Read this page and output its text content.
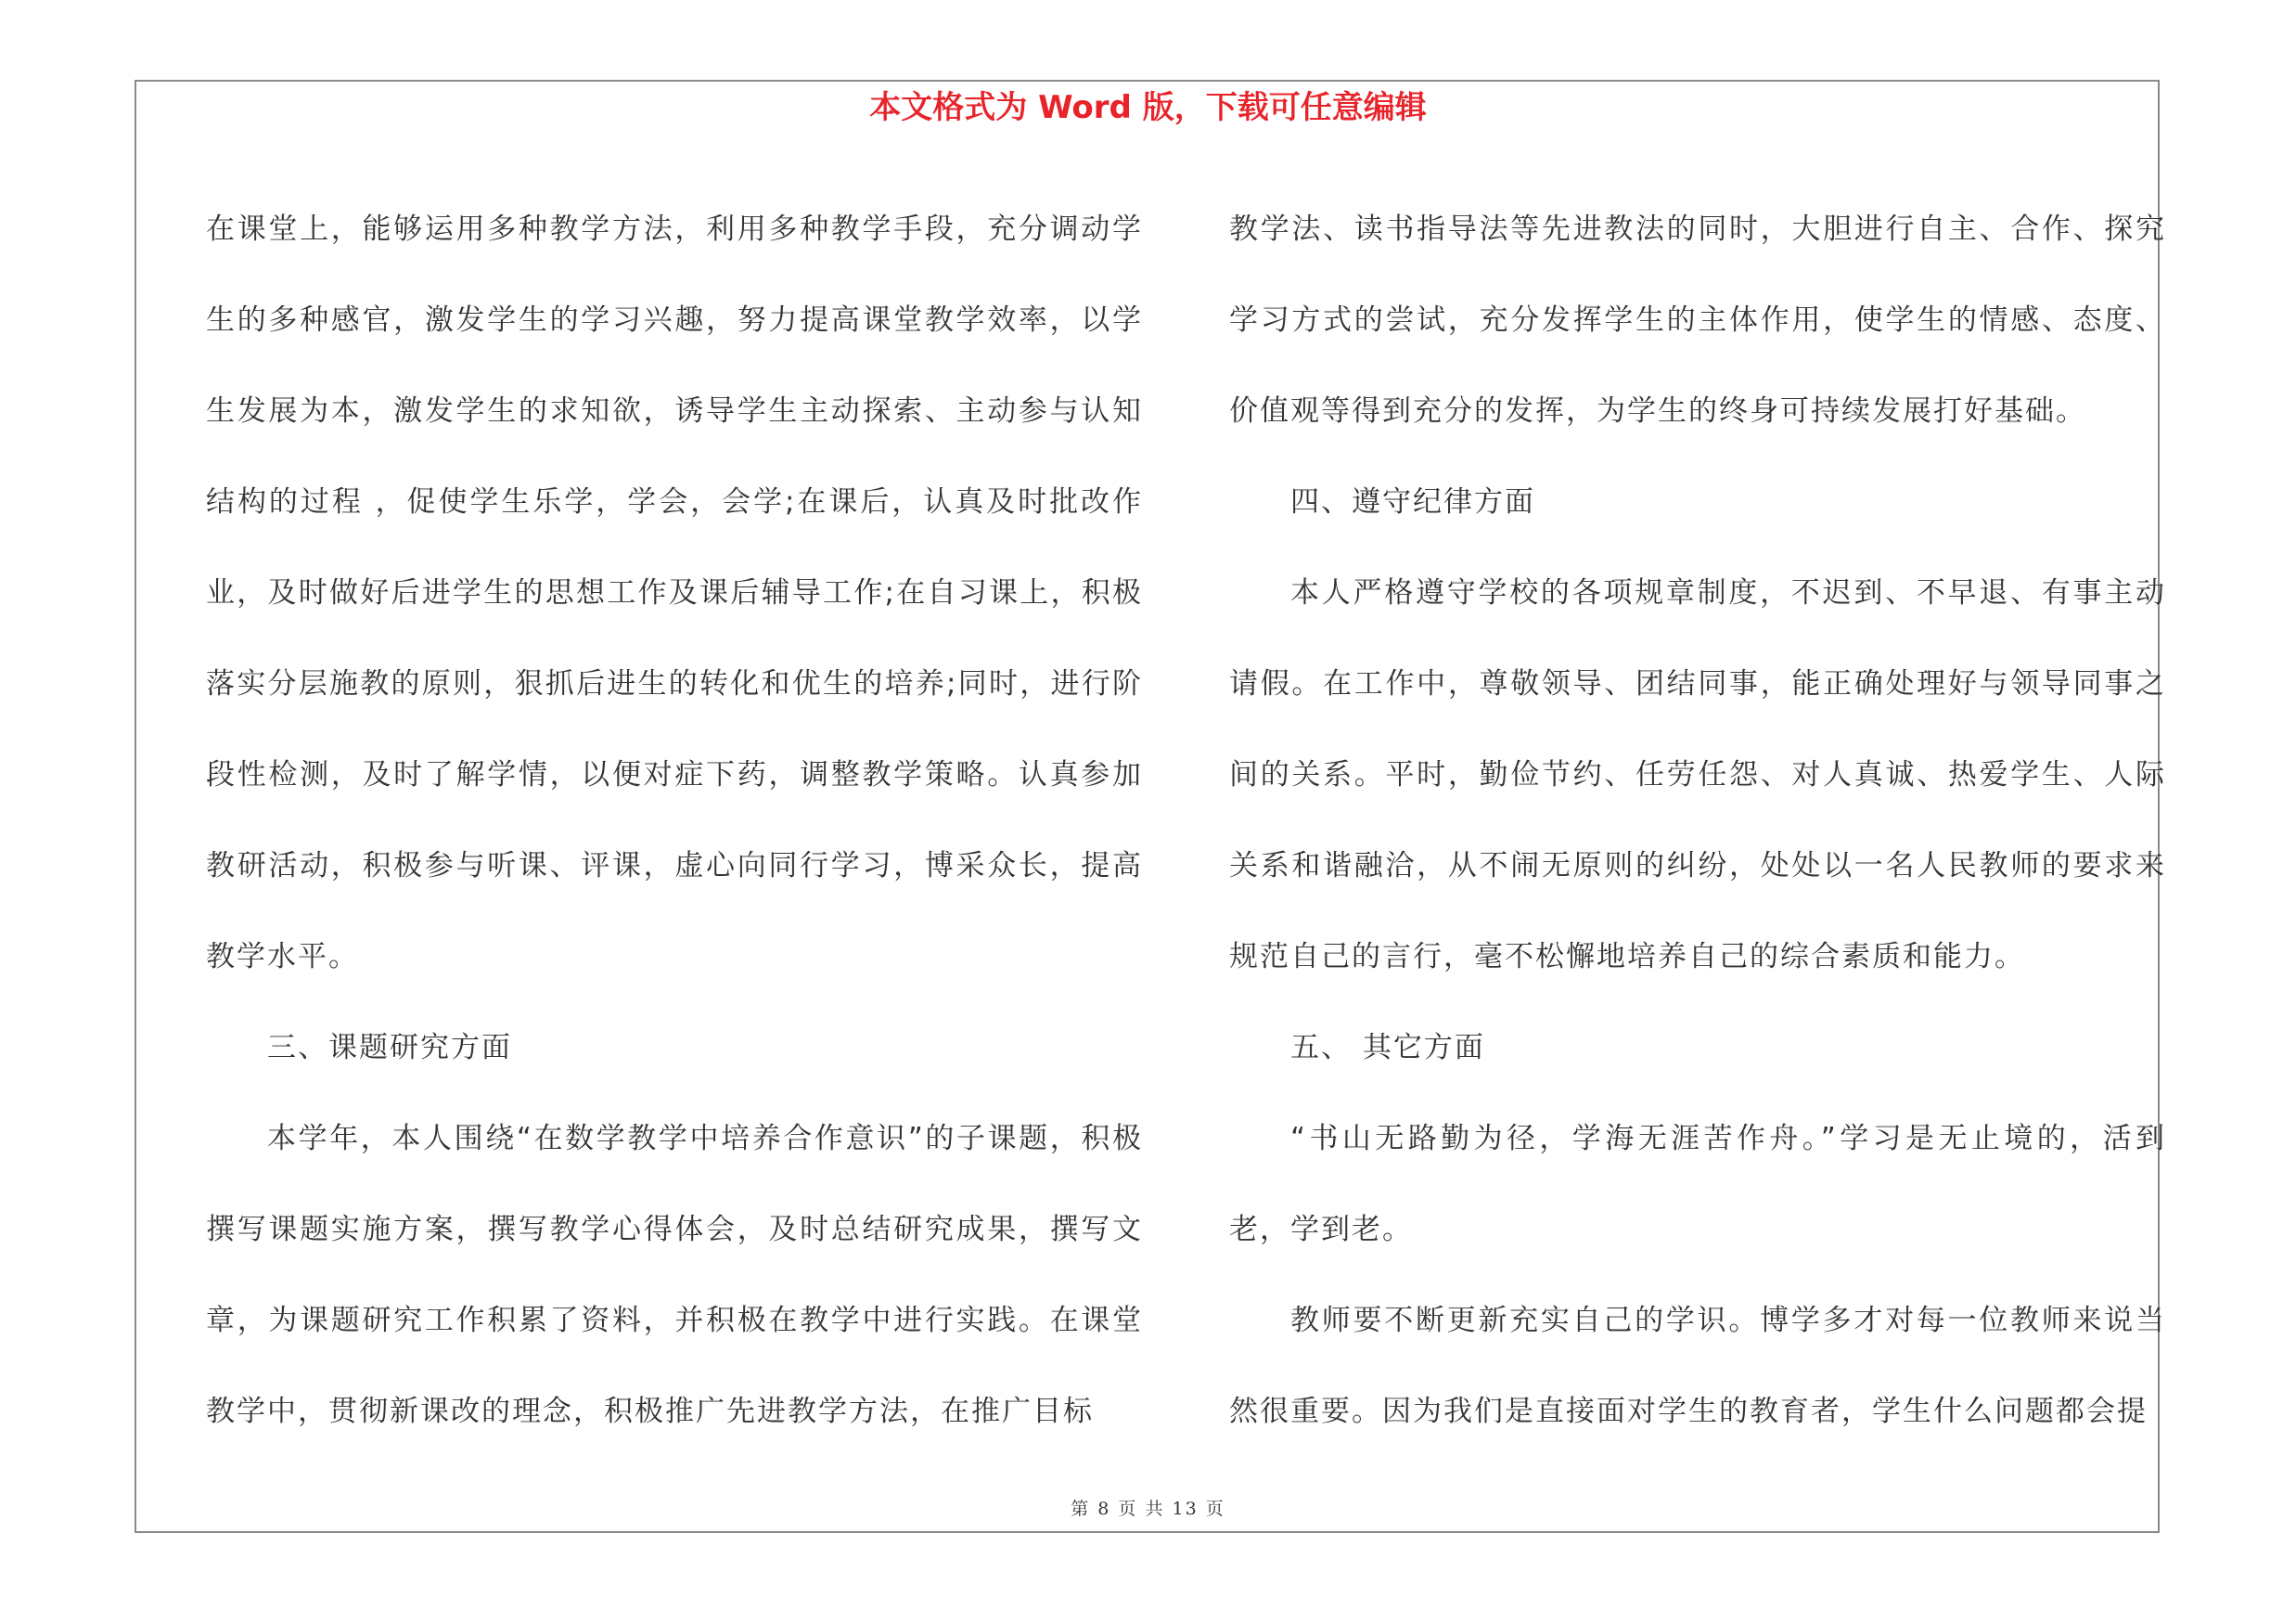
本文格式为 Word 版，下载可任意编辑

在课堂上，能够运用多种教学方法，利用多种教学手段，充分调动学生的多种感官，激发学生的学习兴趣，努力提高课堂教学效率，以学生发展为本，激发学生的求知欲，诱导学生主动探索、主动参与认知结构的过程 ，促使学生乐学，学会，会学;在课后，认真及时批改作业，及时做好后进学生的思想工作及课后辅导工作;在自习课上，积极落实分层施教的原则，狠抓后进生的转化和优生的培养;同时，进行阶段性检测，及时了解学情，以便对症下药，调整教学策略。认真参加教研活动，积极参与听课、评课，虚心向同行学习，博采众长，提高教学水平。

三、课题研究方面

本学年，本人围绕“在数学教学中培养合作意识”的子课题，积极撰写课题实施方案，撰写教学心得体会，及时总结研究成果，撰写文章，为课题研究工作积累了资料，并积极在教学中进行实践。在课堂教学中，贯彻新课改的理念，积极推广先进教学方法，在推广目标

教学法、读书指导法等先进教法的同时，大胆进行自主、合作、探究学习方式的尝试，充分发挥学生的主体作用，使学生的情感、态度、价值观等得到充分的发挥，为学生的终身可持续发展打好基础。

四、遵守纪律方面

本人严格遵守学校的各项规章制度，不迟到、不早退、有事主动请假。在工作中，尊敬领导、团结同事，能正确处理好与领导同事之间的关系。平时，勤俭节约、任劳任怨、对人真诚、热爱学生、人际关系和谐融洽，从不闹无原则的纠纷，处处以一名人民教师的要求来规范自己的言行，毫不松懈地培养自己的综合素质和能力。

五、 其它方面

“书山无路勤为径，学海无涯苦作舟。”学习是无止境的，活到老，学到老。

教师要不断更新充实自己的学识。博学多才对每一位教师来说当然很重要。因为我们是直接面对学生的教育者，学生什么问题都会提

第 8 页 共 13 页
